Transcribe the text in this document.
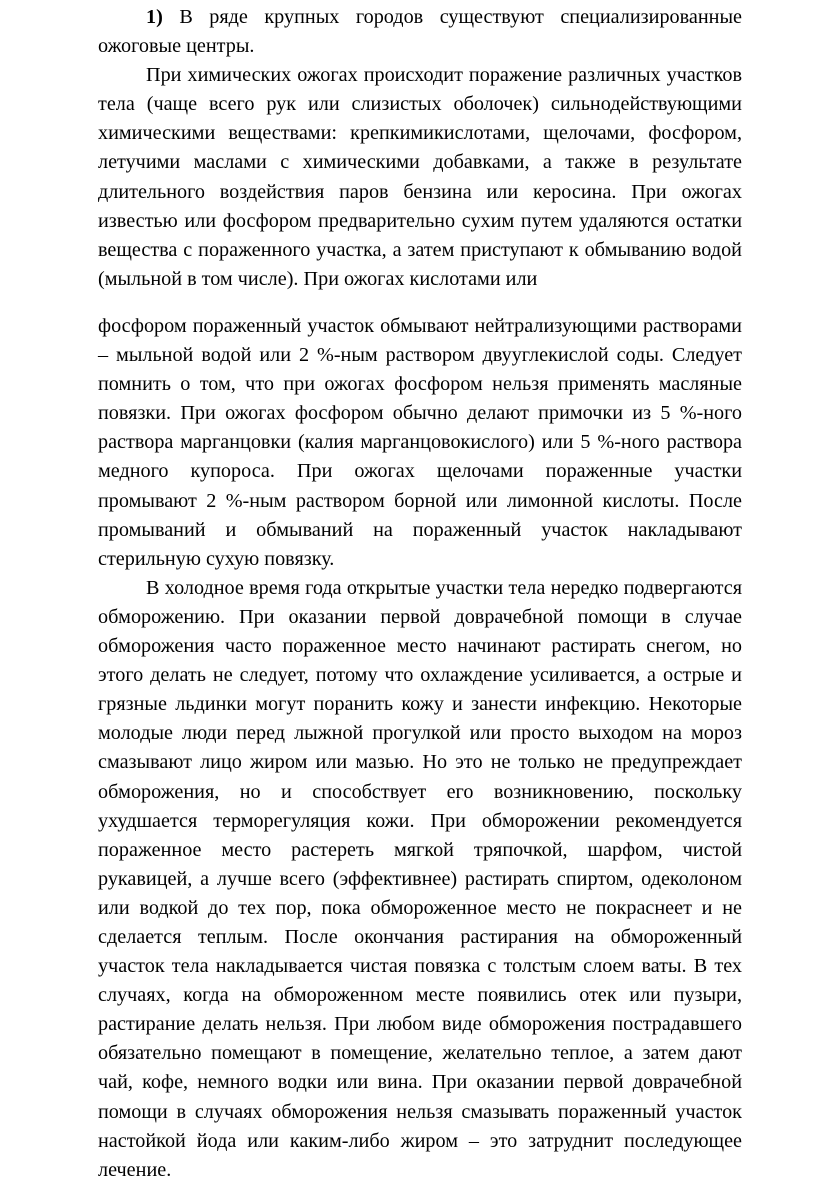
1) В ряде крупных городов существуют специализированные ожоговые центры.

При химических ожогах происходит поражение различных участков тела (чаще всего рук или слизистых оболочек) сильнодействующими химическими веществами: крепкимикислотами, щелочами, фосфором, летучими маслами с химическими добавками, а также в результате длительного воздействия паров бензина или керосина. При ожогах известью или фосфором предварительно сухим путем удаляются остатки вещества с пораженного участка, а затем приступают к обмыванию водой (мыльной в том числе). При ожогах кислотами или

фосфором пораженный участок обмывают нейтрализующими растворами – мыльной водой или 2 %-ным раствором двууглекислой соды. Следует помнить о том, что при ожогах фосфором нельзя применять масляные повязки. При ожогах фосфором обычно делают примочки из 5 %-ного раствора марганцовки (калия марганцовокислого) или 5 %-ного раствора медного купороса. При ожогах щелочами пораженные участки промывают 2 %-ным раствором борной или лимонной кислоты. После промываний и обмываний на пораженный участок накладывают стерильную сухую повязку.

В холодное время года открытые участки тела нередко подвергаются обморожению. При оказании первой доврачебной помощи в случае обморожения часто пораженное место начинают растирать снегом, но этого делать не следует, потому что охлаждение усиливается, а острые и грязные льдинки могут поранить кожу и занести инфекцию. Некоторые молодые люди перед лыжной прогулкой или просто выходом на мороз смазывают лицо жиром или мазью. Но это не только не предупреждает обморожения, но и способствует его возникновению, поскольку ухудшается терморегуляция кожи. При обморожении рекомендуется пораженное место растереть мягкой тряпочкой, шарфом, чистой рукавицей, а лучше всего (эффективнее) растирать спиртом, одеколоном или водкой до тех пор, пока обмороженное место не покраснеет и не сделается теплым. После окончания растирания на обмороженный участок тела накладывается чистая повязка с толстым слоем ваты. В тех случаях, когда на обмороженном месте появились отек или пузыри, растирание делать нельзя. При любом виде обморожения пострадавшего обязательно помещают в помещение, желательно теплое, а затем дают чай, кофе, немного водки или вина. При оказании первой доврачебной помощи в случаях обморожения нельзя смазывать пораженный участок настойкой йода или каким-либо жиром – это затруднит последующее лечение.
